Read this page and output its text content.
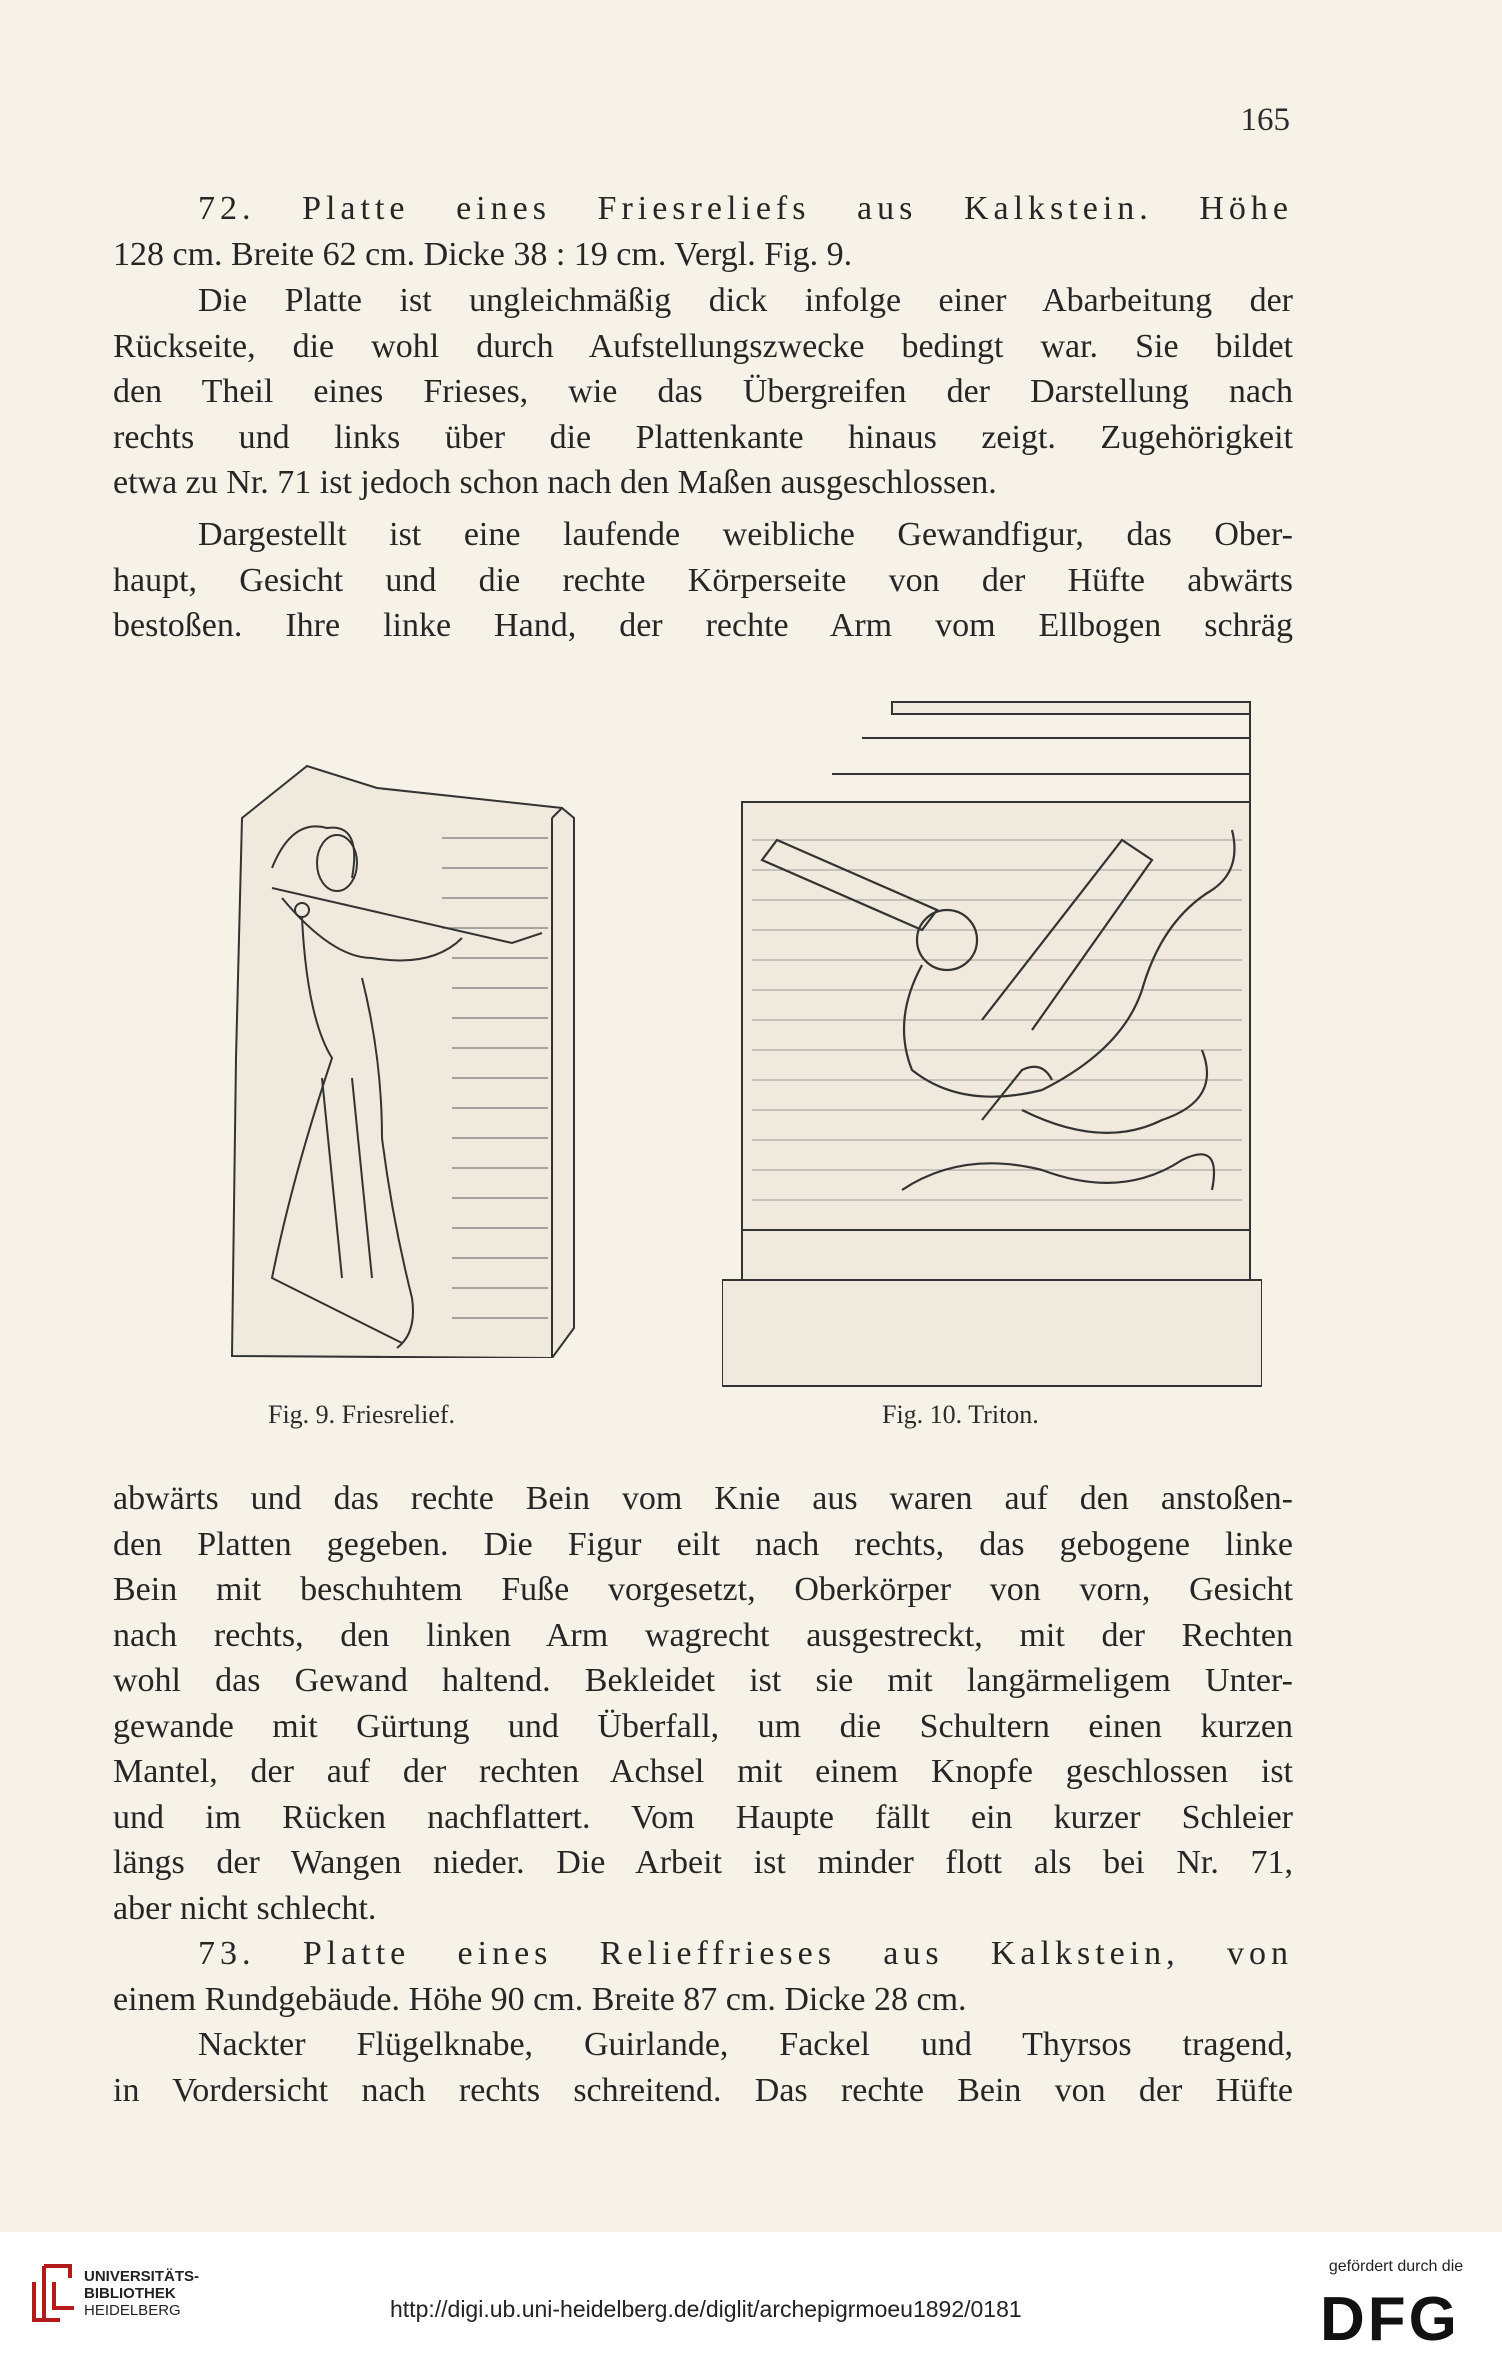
165
72. Platte eines Friesreliefs aus Kalkstein. Höhe
128 cm. Breite 62 cm. Dicke 38 : 19 cm. Vergl. Fig. 9.
Die Platte ist ungleichmäßig dick infolge einer Abarbeitung der
Rückseite, die wohl durch Aufstellungszwecke bedingt war. Sie bildet
den Theil eines Frieses, wie das Übergreifen der Darstellung nach
rechts und links über die Plattenkante hinaus zeigt. Zugehörigkeit
etwa zu Nr. 71 ist jedoch schon nach den Maßen ausgeschlossen.
Dargestellt ist eine laufende weibliche Gewandfigur, das Ober-
haupt, Gesicht und die rechte Körperseite von der Hüfte abwärts
bestoßen. Ihre linke Hand, der rechte Arm vom Ellbogen schräg
Fig. 9. Friesrelief.	Fig. 10. Triton.
abwärts und das rechte Bein vom Knie aus waren auf den anstoßen-
den Platten gegeben. Die Figur eilt nach rechts, das gebogene linke
Bein mit beschuhtem Fuße vorgesetzt, Oberkörper von vorn, Gesicht
nach rechts, den linken Arm wagrecht ausgestreckt, mit der Rechten
wohl das Gewand haltend. Bekleidet ist sie mit langärmeligem Unter-
gewande mit Gürtung und Überfall, um die Schultern einen kurzen
Mantel, der auf der rechten Achsel mit einem Knopfe geschlossen ist
und im Rücken nachflattert. Vom Haupte fällt ein kurzer Schleier
längs der Wangen nieder. Die Arbeit ist minder flott als bei Nr. 71,
aber nicht schlecht.
73. Platte eines Relieffrieses aus Kalkstein, von
einem Rundgebäude. Höhe 90 cm. Breite 87 cm. Dicke 28 cm.
Nackter Flügelknabe, Guirlande, Fackel und Thyrsos tragend,
in Vordersicht nach rechts schreitend. Das rechte Bein von der Hüfte
UNIVERSITÄTS-
BIBLIOTHEK
HEIDELBERG	http://digi.ub.uni-heidelberg.de/diglit/archepigrmoeu1892/0181
gefördert durch die
DFG
